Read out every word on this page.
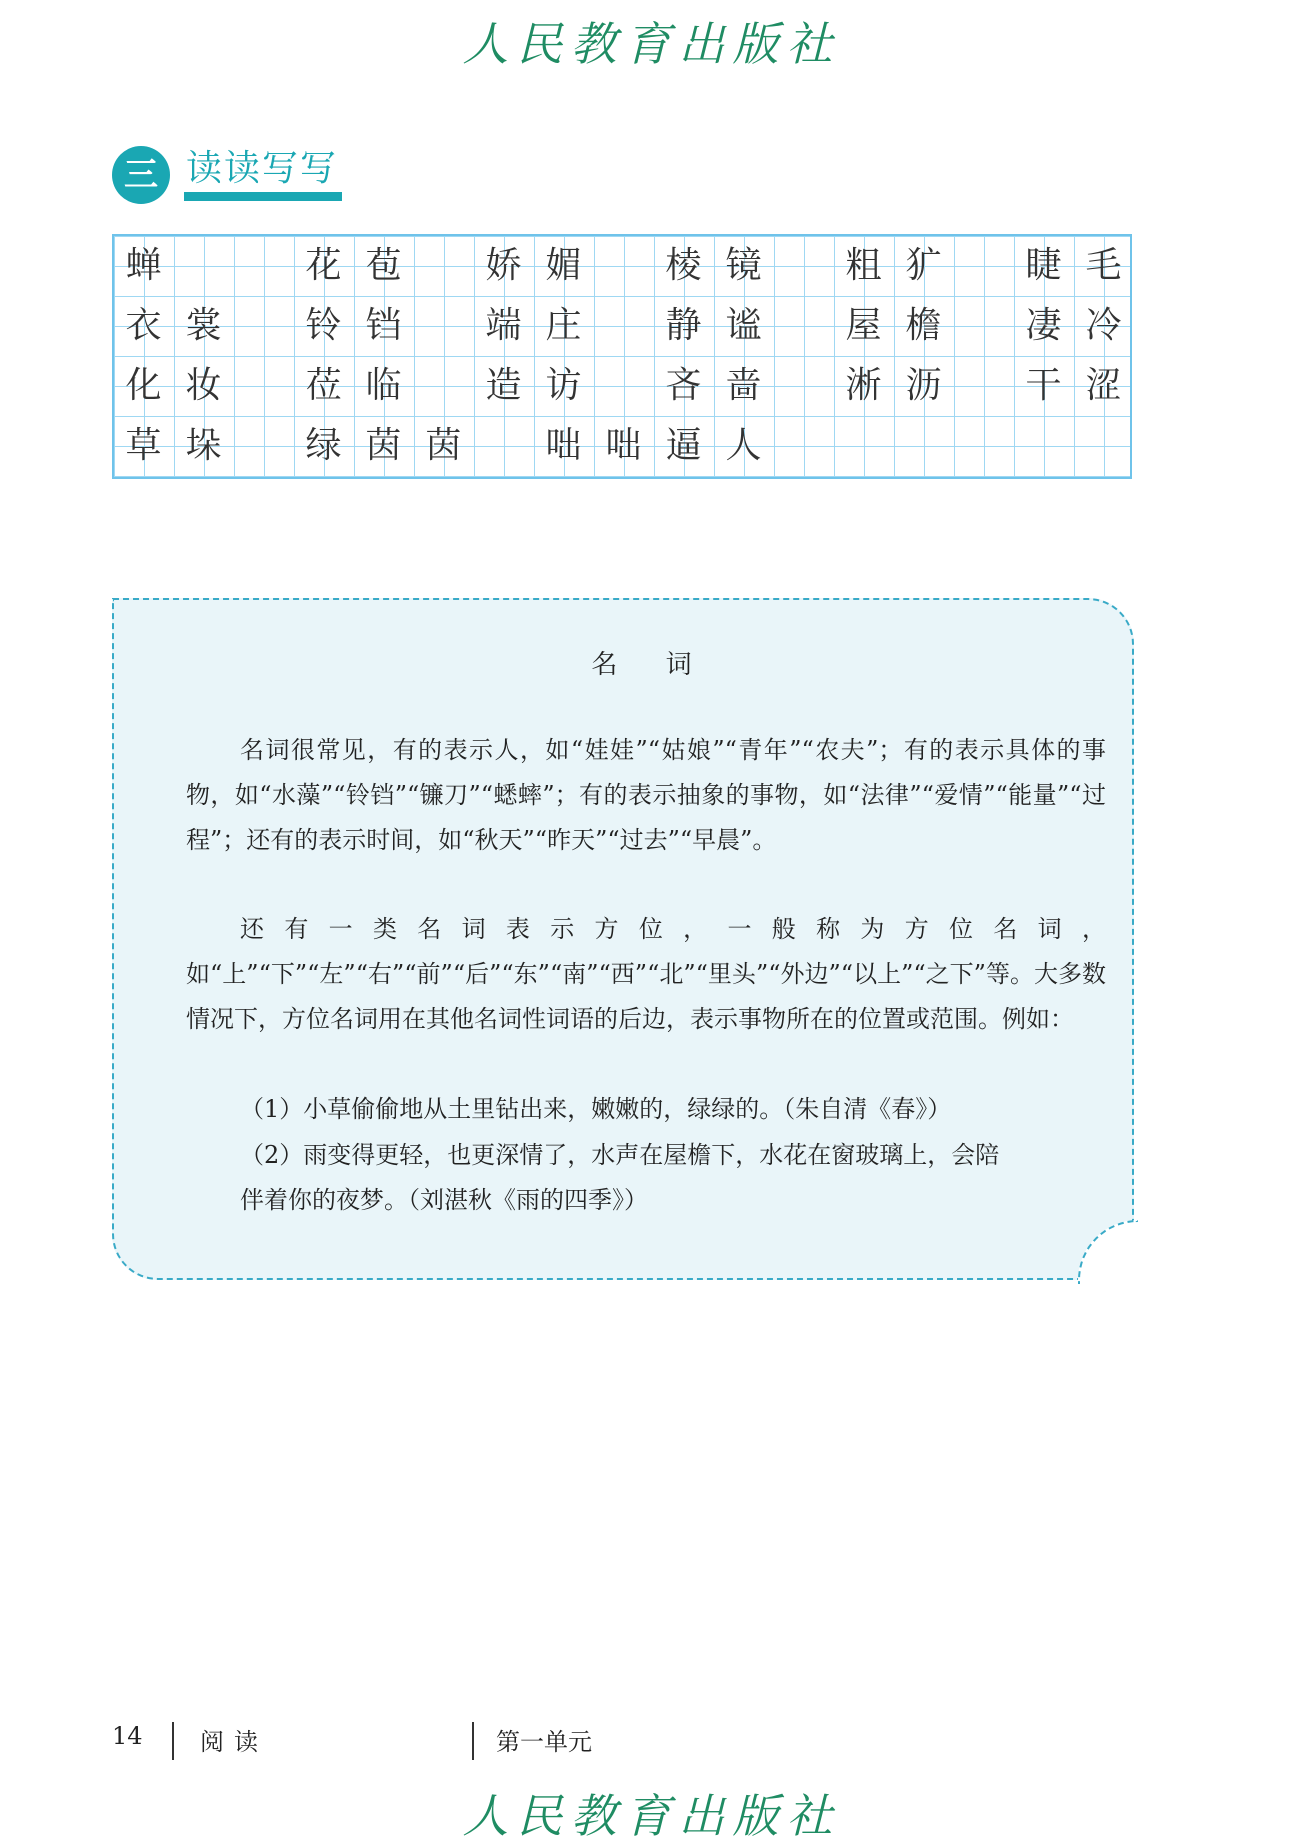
人民教育出版社
三 读读写写
蝉	花 苞	娇 媚	棱 镜	粗 犷	睫 毛
衣 裳	铃 铛	端 庄	静 谧	屋 檐	凄 冷
化 妆	莅 临	造 访	吝 啬	淅 沥	干 涩
草 垛	绿 茵 茵	咄 咄 逼 人
名 词
名词很常见，有的表示人，如“娃娃”“姑娘”“青年”“农夫”；有的表示具体的事物，如“水藻”“铃铛”“镰刀”“蟋蟀”；有的表示抽象的事物，如“法律”“爱情”“能量”“过程”；还有的表示时间，如“秋天”“昨天”“过去”“早晨”。
还有一类名词表示方位，一般称为方位名词，如“上”“下”“左”“右”“前”“后”“东”“南”“西”“北”“里头”“外边”“以上”“之下”等。大多数情况下，方位名词用在其他名词性词语的后边，表示事物所在的位置或范围。例如：
（1）小草偷偷地从土里钻出来，嫩嫩的，绿绿的。（朱自清《春》）
（2）雨变得更轻，也更深情了，水声在屋檐下，水花在窗玻璃上，会陪
伴着你的夜梦。（刘湛秋《雨的四季》）
14 阅读	第一单元
人民教育出版社
